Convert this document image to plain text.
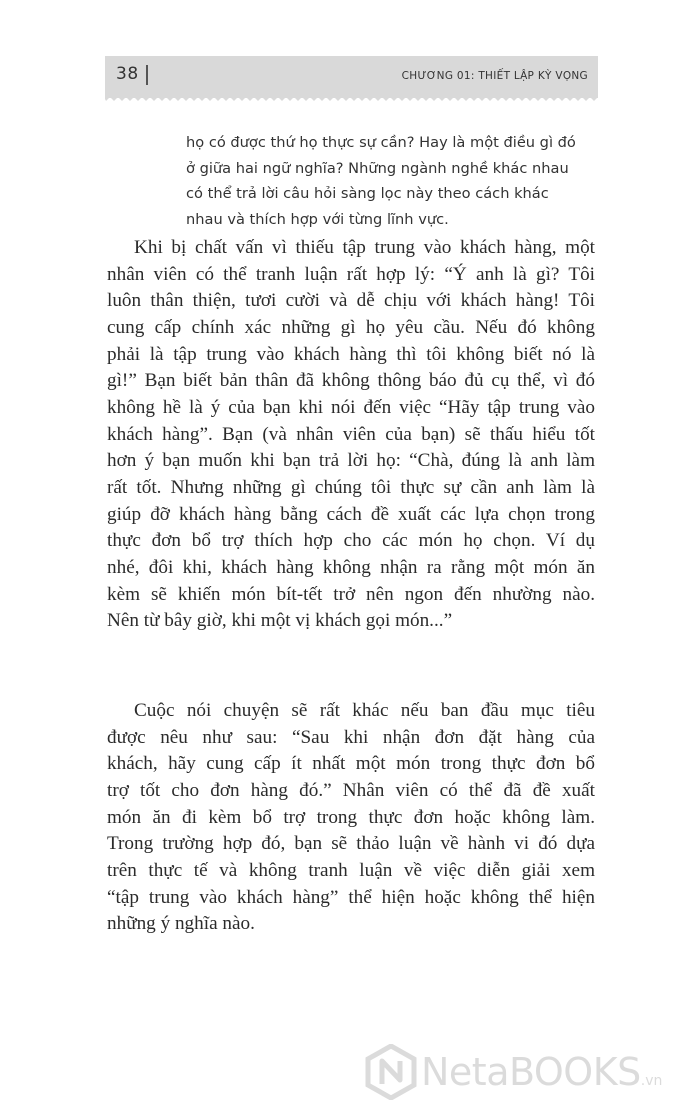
38	CHƯƠNG 01: THIẾT LẬP KỲ VỌNG
họ có được thứ họ thực sự cần? Hay là một điều gì đó
ở giữa hai ngữ nghĩa? Những ngành nghề khác nhau
có thể trả lời câu hỏi sàng lọc này theo cách khác
nhau và thích hợp với từng lĩnh vực.
Khi bị chất vấn vì thiếu tập trung vào khách hàng, một
nhân viên có thể tranh luận rất hợp lý: “Ý anh là gì? Tôi
luôn thân thiện, tươi cười và dễ chịu với khách hàng! Tôi
cung cấp chính xác những gì họ yêu cầu. Nếu đó không
phải là tập trung vào khách hàng thì tôi không biết nó là
gì!” Bạn biết bản thân đã không thông báo đủ cụ thể, vì đó
không hề là ý của bạn khi nói đến việc “Hãy tập trung vào
khách hàng”. Bạn (và nhân viên của bạn) sẽ thấu hiểu tốt
hơn ý bạn muốn khi bạn trả lời họ: “Chà, đúng là anh làm
rất tốt. Nhưng những gì chúng tôi thực sự cần anh làm là
giúp đỡ khách hàng bằng cách đề xuất các lựa chọn trong
thực đơn bổ trợ thích hợp cho các món họ chọn. Ví dụ
nhé, đôi khi, khách hàng không nhận ra rằng một món ăn
kèm sẽ khiến món bít-tết trở nên ngon đến nhường nào.
Nên từ bây giờ, khi một vị khách gọi món...”
Cuộc nói chuyện sẽ rất khác nếu ban đầu mục tiêu
được nêu như sau: “Sau khi nhận đơn đặt hàng của
khách, hãy cung cấp ít nhất một món trong thực đơn bổ
trợ tốt cho đơn hàng đó.” Nhân viên có thể đã đề xuất
món ăn đi kèm bổ trợ trong thực đơn hoặc không làm.
Trong trường hợp đó, bạn sẽ thảo luận về hành vi đó dựa
trên thực tế và không tranh luận về việc diễn giải xem
“tập trung vào khách hàng” thể hiện hoặc không thể hiện
những ý nghĩa nào.
NetaBOOKS .vn
